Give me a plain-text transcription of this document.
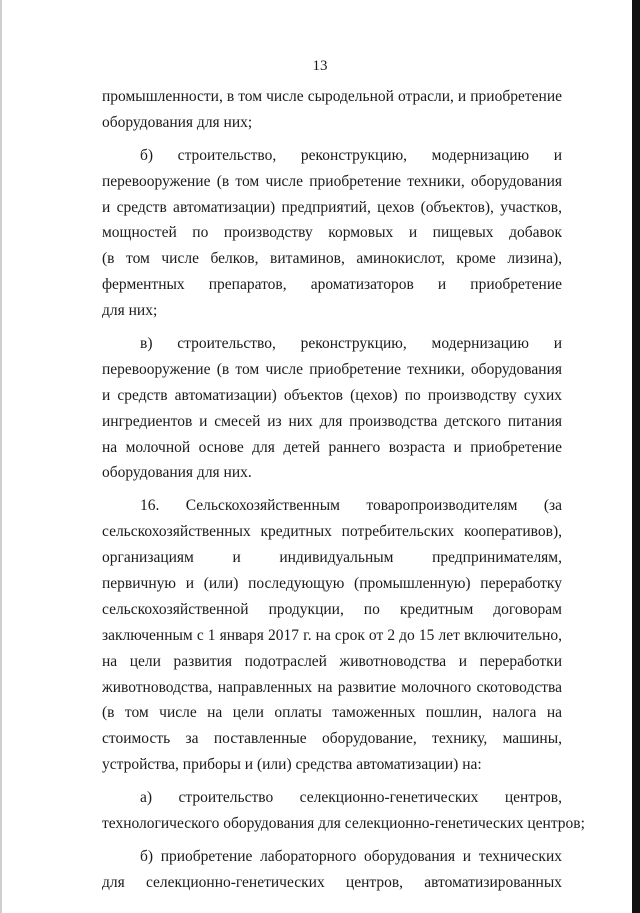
13
промышленности, в том числе сыродельной отрасли, и приобретение
оборудования для них;
б) строительство, реконструкцию, модернизацию и
перевооружение (в том числе приобретение техники, оборудования
и средств автоматизации) предприятий, цехов (объектов), участков,
мощностей по производству кормовых и пищевых добавок
(в том числе белков, витаминов, аминокислот, кроме лизина),
ферментных препаратов, ароматизаторов и приобретение
для них;
в) строительство, реконструкцию, модернизацию и
перевооружение (в том числе приобретение техники, оборудования
и средств автоматизации) объектов (цехов) по производству сухих
ингредиентов и смесей из них для производства детского питания
на молочной основе для детей раннего возраста и приобретение
оборудования для них.
16. Сельскохозяйственным товаропроизводителям (за
сельскохозяйственных кредитных потребительских кооперативов),
организациям и индивидуальным предпринимателям,
первичную и (или) последующую (промышленную) переработку
сельскохозяйственной продукции, по кредитным договорам
заключенным с 1 января 2017 г. на срок от 2 до 15 лет включительно,
на цели развития подотраслей животноводства и переработки
животноводства, направленных на развитие молочного скотоводства
(в том числе на цели оплаты таможенных пошлин, налога на
стоимость за поставленные оборудование, технику, машины,
устройства, приборы и (или) средства автоматизации) на:
а) строительство селекционно-генетических центров,
технологического оборудования для селекционно-генетических центров;
б) приобретение лабораторного оборудования и технических
для селекционно-генетических центров, автоматизированных
